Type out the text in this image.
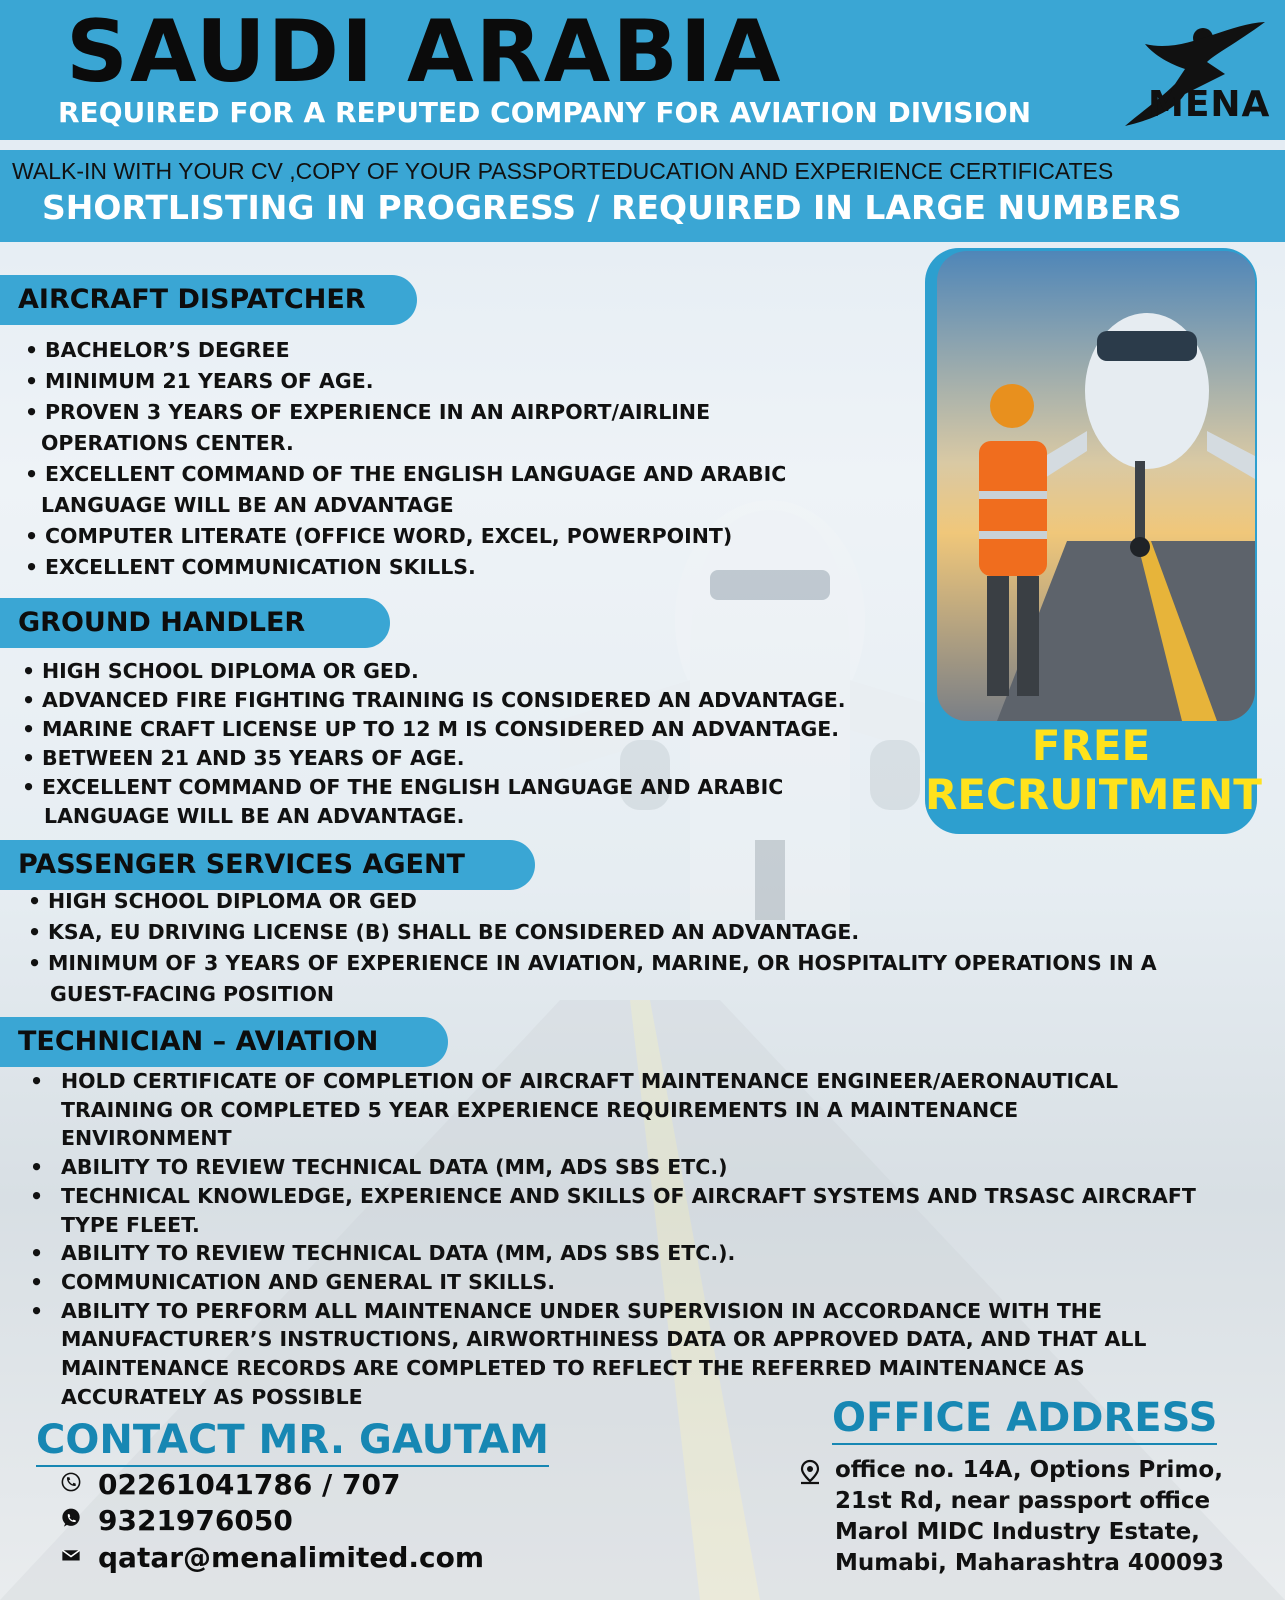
SAUDI ARABIA
REQUIRED FOR A REPUTED COMPANY FOR AVIATION DIVISION	MENA
WALK-IN WITH YOUR CV ,COPY OF YOUR PASSPORTEDUCATION AND EXPERIENCE CERTIFICATES
SHORTLISTING IN PROGRESS / REQUIRED IN LARGE NUMBERS
AIRCRAFT DISPATCHER
• BACHELOR’S DEGREE
• MINIMUM 21 YEARS OF AGE.
• PROVEN 3 YEARS OF EXPERIENCE IN AN AIRPORT/AIRLINE
OPERATIONS CENTER.
• EXCELLENT COMMAND OF THE ENGLISH LANGUAGE AND ARABIC
LANGUAGE WILL BE AN ADVANTAGE
• COMPUTER LITERATE (OFFICE WORD, EXCEL, POWERPOINT)
• EXCELLENT COMMUNICATION SKILLS.
GROUND HANDLER
• HIGH SCHOOL DIPLOMA OR GED.
• ADVANCED FIRE FIGHTING TRAINING IS CONSIDERED AN ADVANTAGE.
• MARINE CRAFT LICENSE UP TO 12 M IS CONSIDERED AN ADVANTAGE.
• BETWEEN 21 AND 35 YEARS OF AGE.
• EXCELLENT COMMAND OF THE ENGLISH LANGUAGE AND ARABIC
LANGUAGE WILL BE AN ADVANTAGE.
PASSENGER SERVICES AGENT
• HIGH SCHOOL DIPLOMA OR GED
• KSA, EU DRIVING LICENSE (B) SHALL BE CONSIDERED AN ADVANTAGE.
• MINIMUM OF 3 YEARS OF EXPERIENCE IN AVIATION, MARINE, OR HOSPITALITY OPERATIONS IN A
GUEST-FACING POSITION
TECHNICIAN – AVIATION
• HOLD CERTIFICATE OF COMPLETION OF AIRCRAFT MAINTENANCE ENGINEER/AERONAUTICAL
TRAINING OR COMPLETED 5 YEAR EXPERIENCE REQUIREMENTS IN A MAINTENANCE
ENVIRONMENT
• ABILITY TO REVIEW TECHNICAL DATA (MM, ADS SBS ETC.)
• TECHNICAL KNOWLEDGE, EXPERIENCE AND SKILLS OF AIRCRAFT SYSTEMS AND TRSASC AIRCRAFT
TYPE FLEET.
• ABILITY TO REVIEW TECHNICAL DATA (MM, ADS SBS ETC.).
• COMMUNICATION AND GENERAL IT SKILLS.
• ABILITY TO PERFORM ALL MAINTENANCE UNDER SUPERVISION IN ACCORDANCE WITH THE
MANUFACTURER’S INSTRUCTIONS, AIRWORTHINESS DATA OR APPROVED DATA, AND THAT ALL
MAINTENANCE RECORDS ARE COMPLETED TO REFLECT THE REFERRED MAINTENANCE AS
ACCURATELY AS POSSIBLE
FREE
RECRUITMENT
CONTACT MR. GAUTAM
02261041786 / 707
9321976050
qatar@menalimited.com
OFFICE ADDRESS
office no. 14A, Options Primo,
21st Rd, near passport office
Marol MIDC Industry Estate,
Mumabi, Maharashtra 400093
